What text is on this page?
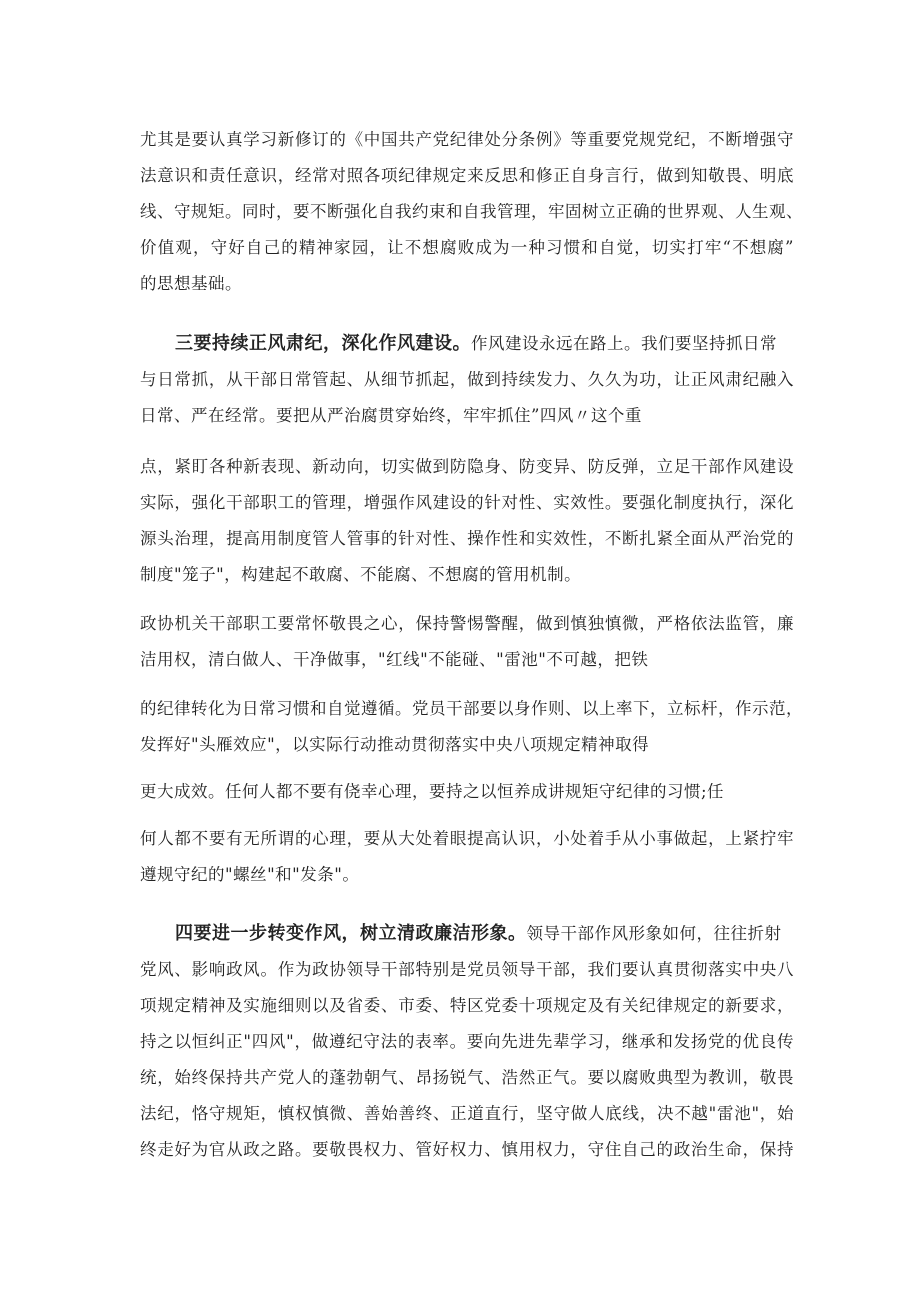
尤其是要认真学习新修订的《中国共产党纪律处分条例》等重要党规党纪，不断增强守
法意识和责任意识，经常对照各项纪律规定来反思和修正自身言行，做到知敬畏、明底
线、守规矩。同时，要不断强化自我约束和自我管理，牢固树立正确的世界观、人生观、
价值观，守好自己的精神家园，让不想腐败成为一种习惯和自觉，切实打牢“不想腐”
的思想基础。
三要持续正风肃纪，深化作风建设。作风建设永远在路上。我们要坚持抓日常
与日常抓，从干部日常管起、从细节抓起，做到持续发力、久久为功，让正风肃纪融入
日常、严在经常。要把从严治腐贯穿始终，牢牢抓住”四风〃这个重
点，紧盯各种新表现、新动向，切实做到防隐身、防变异、防反弹，立足干部作风建设
实际，强化干部职工的管理，增强作风建设的针对性、实效性。要强化制度执行，深化
源头治理，提高用制度管人管事的针对性、操作性和实效性，不断扎紧全面从严治党的
制度"笼子"，构建起不敢腐、不能腐、不想腐的管用机制。
政协机关干部职工要常怀敬畏之心，保持警惕警醒，做到慎独慎微，严格依法监管，廉
洁用权，清白做人、干净做事，"红线"不能碰、"雷池"不可越，把铁
的纪律转化为日常习惯和自觉遵循。党员干部要以身作则、以上率下，立标杆，作示范，
发挥好"头雁效应"，以实际行动推动贯彻落实中央八项规定精神取得
更大成效。任何人都不要有侥幸心理，要持之以恒养成讲规矩守纪律的习惯;任
何人都不要有无所谓的心理，要从大处着眼提高认识，小处着手从小事做起，上紧拧牢
遵规守纪的"螺丝"和"发条"。
四要进一步转变作风，树立清政廉洁形象。领导干部作风形象如何，往往折射
党风、影响政风。作为政协领导干部特别是党员领导干部，我们要认真贯彻落实中央八
项规定精神及实施细则以及省委、市委、特区党委十项规定及有关纪律规定的新要求，
持之以恒纠正"四风"，做遵纪守法的表率。要向先进先辈学习，继承和发扬党的优良传
统，始终保持共产党人的蓬勃朝气、昂扬锐气、浩然正气。要以腐败典型为教训，敬畏
法纪，恪守规矩，慎权慎微、善始善终、正道直行，坚守做人底线，决不越"雷池"，始
终走好为官从政之路。要敬畏权力、管好权力、慎用权力，守住自己的政治生命，保持
